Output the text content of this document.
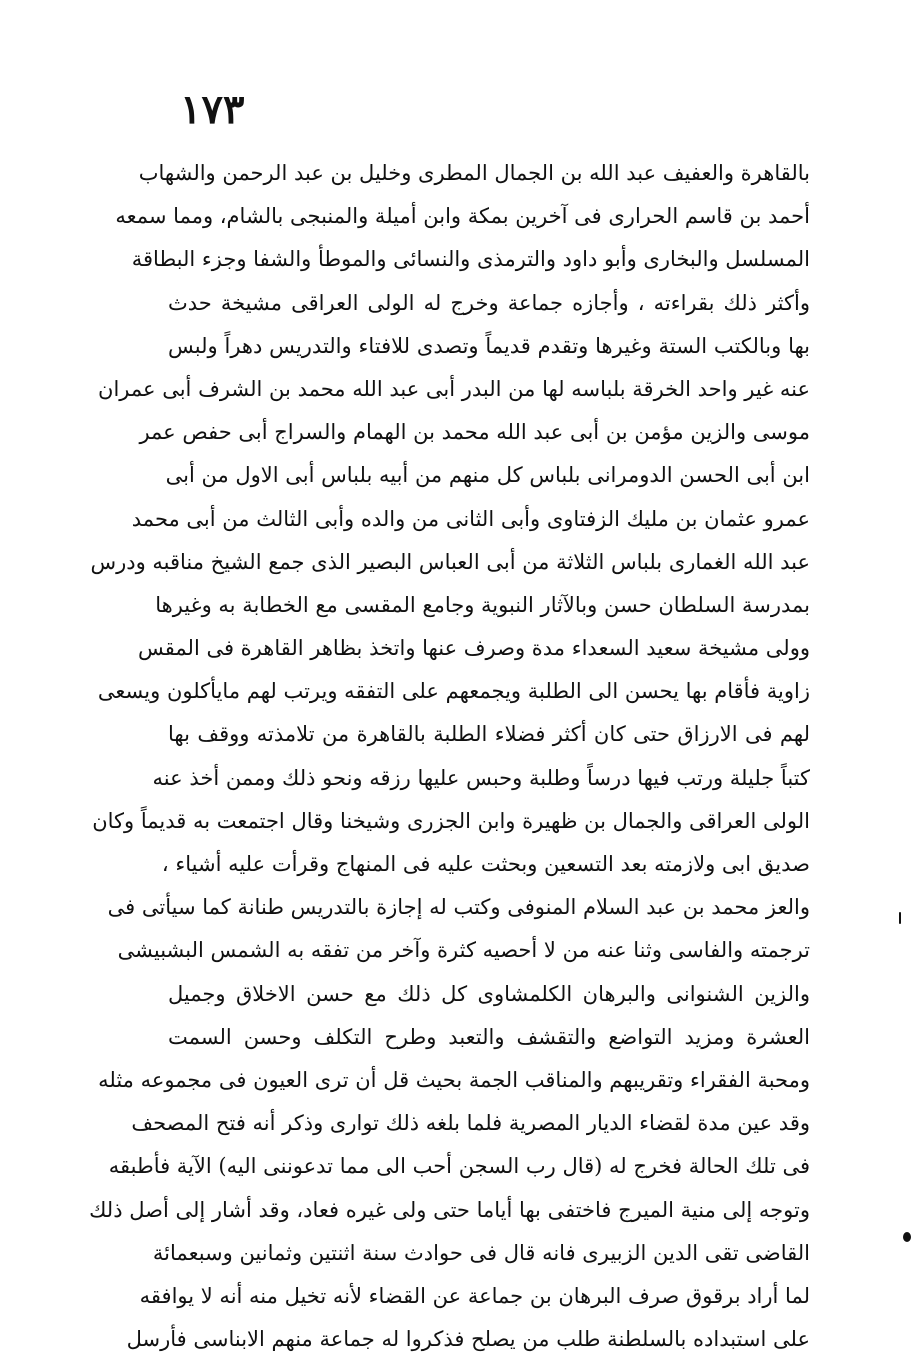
١٧٣
بالقاهرة والعفيف عبد الله بن الجمال المطرى وخليل بن عبد الرحمن والشهاب
أحمد بن قاسم الحرارى فى آخرين بمكة وابن أميلة والمنبجى بالشام، ومما سمعه
المسلسل والبخارى وأبو داود والترمذى والنسائى والموطأ والشفا وجزء البطاقة
وأكثر ذلك بقراءته ، وأجازه جماعة وخرج له الولى العراقى مشيخة حدث
بها وبالكتب الستة وغيرها وتقدم قديماً وتصدى للافتاء والتدريس دهراً ولبس
عنه غير واحد الخرقة بلباسه لها من البدر أبى عبد الله محمد بن الشرف أبى عمران
موسى والزين مؤمن بن أبى عبد الله محمد بن الهمام والسراج أبى حفص عمر
ابن أبى الحسن الدومرانى بلباس كل منهم من أبيه بلباس أبى الاول من أبى
عمرو عثمان بن مليك الزفتاوى وأبى الثانى من والده وأبى الثالث من أبى محمد
عبد الله الغمارى بلباس الثلاثة من أبى العباس البصير الذى جمع الشيخ مناقبه ودرس
بمدرسة السلطان حسن وبالآثار النبوية وجامع المقسى مع الخطابة به وغيرها
وولى مشيخة سعيد السعداء مدة وصرف عنها واتخذ بظاهر القاهرة فى المقس
زاوية فأقام بها يحسن الى الطلبة ويجمعهم على التفقه ويرتب لهم مايأكلون ويسعى
لهم فى الارزاق حتى كان أكثر فضلاء الطلبة بالقاهرة من تلامذته ووقف بها
كتباً جليلة ورتب فيها درساً وطلبة وحبس عليها رزقه ونحو ذلك وممن أخذ عنه
الولى العراقى والجمال بن ظهيرة وابن الجزرى وشيخنا وقال اجتمعت به قديماً وكان
صديق ابى ولازمته بعد التسعين وبحثت عليه فى المنهاج وقرأت عليه أشياء ،
والعز محمد بن عبد السلام المنوفى وكتب له إجازة بالتدريس طنانة كما سيأتى فى
ترجمته والفاسى وثنا عنه من لا أحصيه كثرة وآخر من تفقه به الشمس البشبيشى
والزين الشنوانى والبرهان الكلمشاوى كل ذلك مع حسن الاخلاق وجميل
العشرة ومزيد التواضع والتقشف والتعبد وطرح التكلف وحسن السمت
ومحبة الفقراء وتقريبهم والمناقب الجمة بحيث قل أن ترى العيون فى مجموعه مثله
وقد عين مدة لقضاء الديار المصرية فلما بلغه ذلك توارى وذكر أنه فتح المصحف
فى تلك الحالة فخرج له (قال رب السجن أحب الى مما تدعوننى اليه) الآية فأطبقه
وتوجه إلى منية الميرج فاختفى بها أياما حتى ولى غيره فعاد، وقد أشار إلى أصل ذلك
القاضى تقى الدين الزبيرى فانه قال فى حوادث سنة اثنتين وثمانين وسبعمائة
لما أراد برقوق صرف البرهان بن جماعة عن القضاء لأنه تخيل منه أنه لا يوافقه
على استبداده بالسلطنة طلب من يصلح فذكروا له جماعة منهم الابناسى فأرسل
